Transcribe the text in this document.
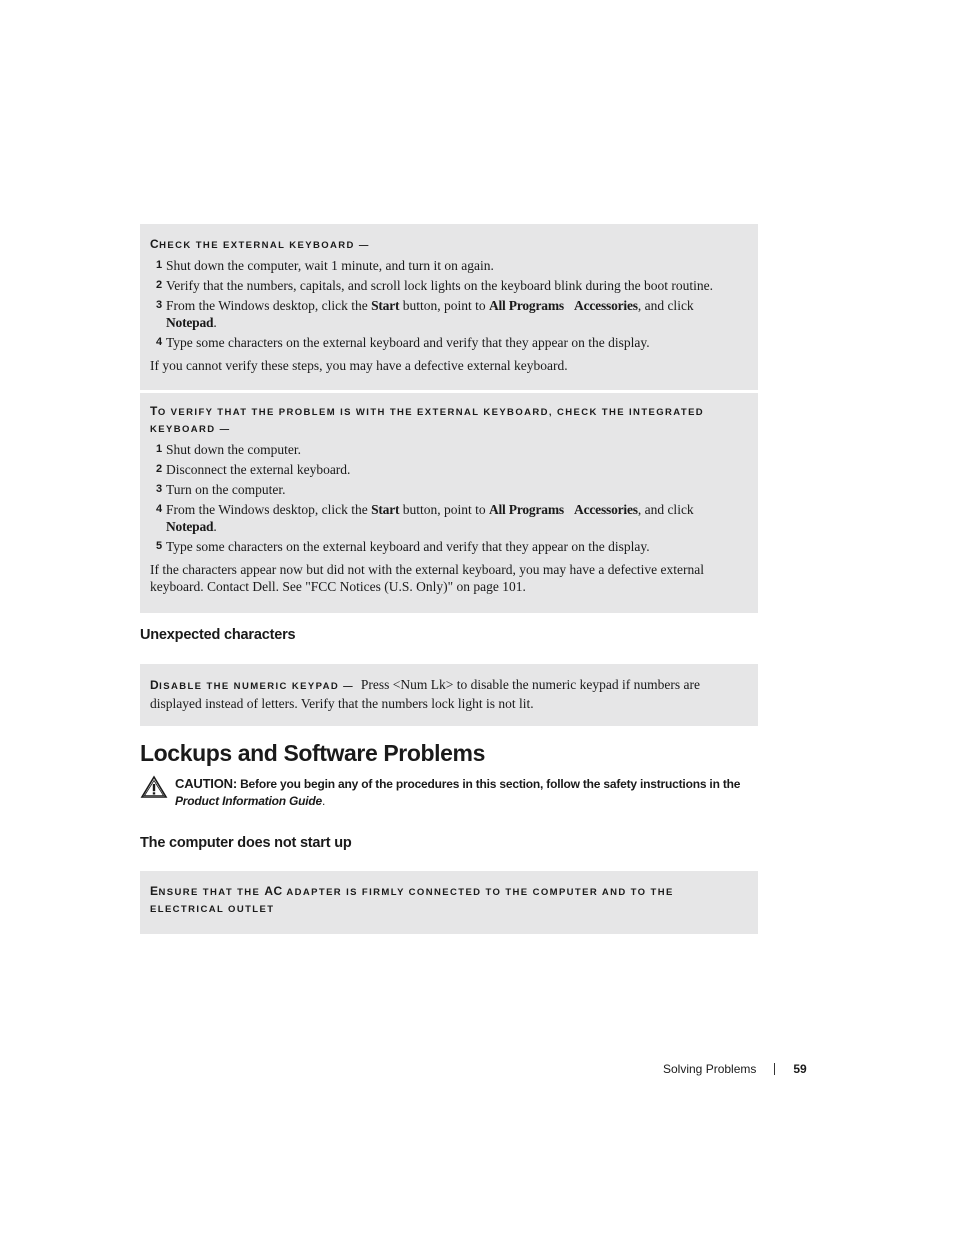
CHECK THE EXTERNAL KEYBOARD —
1 Shut down the computer, wait 1 minute, and turn it on again.
2 Verify that the numbers, capitals, and scroll lock lights on the keyboard blink during the boot routine.
3 From the Windows desktop, click the Start button, point to All Programs Accessories, and click
Notepad.
4 Type some characters on the external keyboard and verify that they appear on the display.
If you cannot verify these steps, you may have a defective external keyboard.
TO VERIFY THAT THE PROBLEM IS WITH THE EXTERNAL KEYBOARD, CHECK THE INTEGRATED
KEYBOARD —
1 Shut down the computer.
2 Disconnect the external keyboard.
3 Turn on the computer.
4 From the Windows desktop, click the Start button, point to All Programs Accessories, and click
Notepad.
5 Type some characters on the external keyboard and verify that they appear on the display.
If the characters appear now but did not with the external keyboard, you may have a defective external keyboard. Contact Dell. See "FCC Notices (U.S. Only)" on page 101.
Unexpected characters
DISABLE THE NUMERIC KEYPAD — Press <Num Lk> to disable the numeric keypad if numbers are displayed instead of letters. Verify that the numbers lock light is not lit.
Lockups and Software Problems
CAUTION: Before you begin any of the procedures in this section, follow the safety instructions in the
Product Information Guide.
The computer does not start up
ENSURE THAT THE AC ADAPTER IS FIRMLY CONNECTED TO THE COMPUTER AND TO THE
ELECTRICAL OUTLET
Solving Problems	59
